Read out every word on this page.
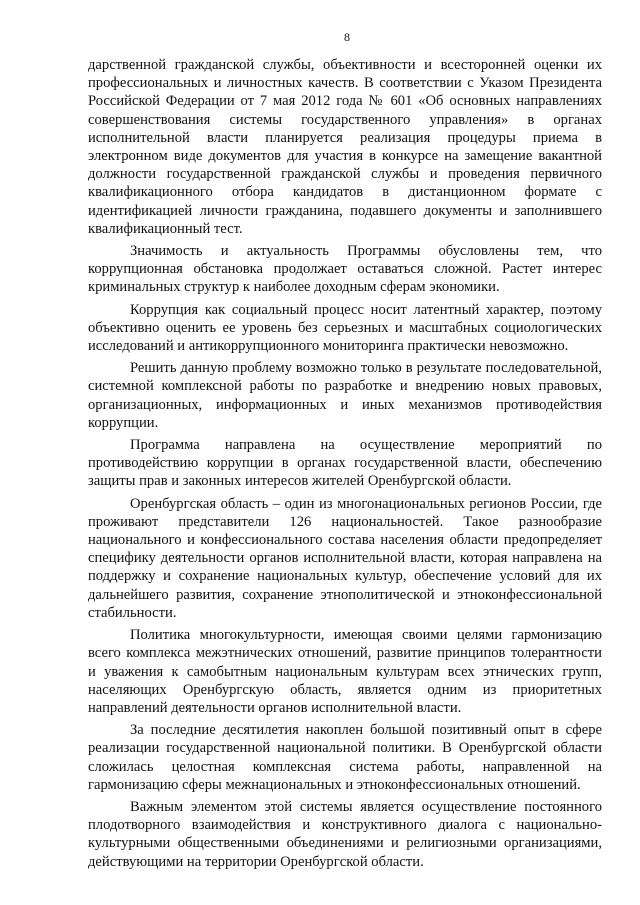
8

дарственной гражданской службы, объективности и всесторонней оценки их профессиональных и личностных качеств. В соответствии с Указом Президента Российской Федерации от 7 мая 2012 года № 601 «Об основных направлениях совершенствования системы государственного управления» в органах исполнительной власти планируется реализация процедуры приема в электронном виде документов для участия в конкурсе на замещение вакантной должности государственной гражданской службы и проведения первичного квалификационного отбора кандидатов в дистанционном формате с идентификацией личности гражданина, подавшего документы и заполнившего квалификационный тест.

Значимость и актуальность Программы обусловлены тем, что коррупционная обстановка продолжает оставаться сложной. Растет интерес криминальных структур к наиболее доходным сферам экономики.

Коррупция как социальный процесс носит латентный характер, поэтому объективно оценить ее уровень без серьезных и масштабных социологических исследований и антикоррупционного мониторинга практически невозможно.

Решить данную проблему возможно только в результате последовательной, системной комплексной работы по разработке и внедрению новых правовых, организационных, информационных и иных механизмов противодействия коррупции.

Программа направлена на осуществление мероприятий по противодействию коррупции в органах государственной власти, обеспечению защиты прав и законных интересов жителей Оренбургской области.

Оренбургская область – один из многонациональных регионов России, где проживают представители 126 национальностей. Такое разнообразие национального и конфессионального состава населения области предопределяет специфику деятельности органов исполнительной власти, которая направлена на поддержку и сохранение национальных культур, обеспечение условий для их дальнейшего развития, сохранение этнополитической и этноконфессиональной стабильности.

Политика многокультурности, имеющая своими целями гармонизацию всего комплекса межэтнических отношений, развитие принципов толерантности и уважения к самобытным национальным культурам всех этнических групп, населяющих Оренбургскую область, является одним из приоритетных направлений деятельности органов исполнительной власти.

За последние десятилетия накоплен большой позитивный опыт в сфере реализации государственной национальной политики. В Оренбургской области сложилась целостная комплексная система работы, направленной на гармонизацию сферы межнациональных и этноконфессиональных отношений.

Важным элементом этой системы является осуществление постоянного плодотворного взаимодействия и конструктивного диалога с национально-культурными общественными объединениями и религиозными организациями, действующими на территории Оренбургской области.
